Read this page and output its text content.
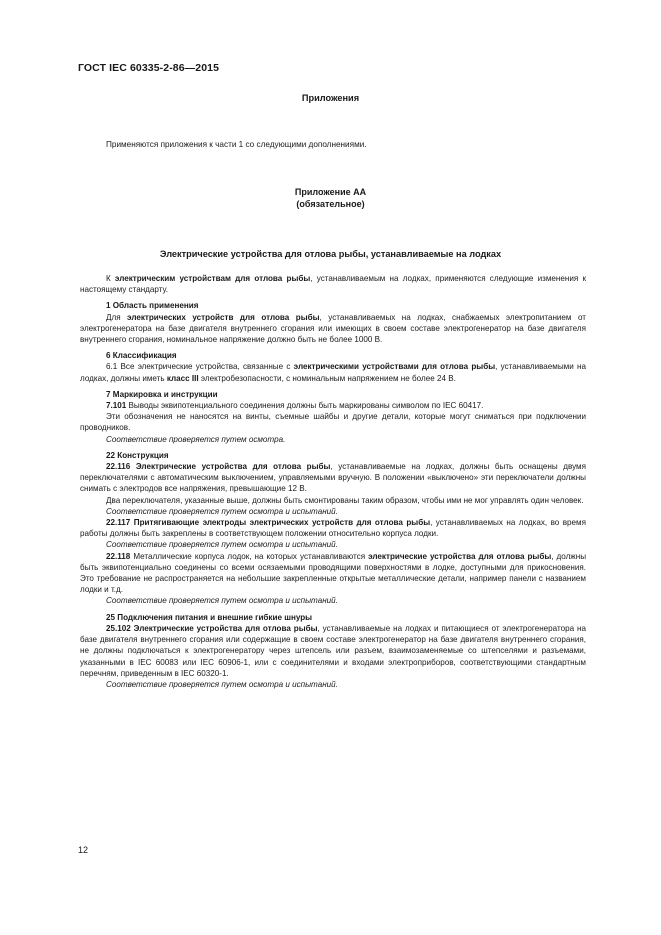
ГОСТ IEC 60335-2-86—2015
Приложения
Применяются приложения к части 1 со следующими дополнениями.
Приложение АА
(обязательное)
Электрические устройства для отлова рыбы, устанавливаемые на лодках

К электрическим устройствам для отлова рыбы, устанавливаемым на лодках, применяются следующие изменения к настоящему стандарту.

1 Область применения

Для электрических устройств для отлова рыбы, устанавливаемых на лодках, снабжаемых электропитанием от электрогенератора на базе двигателя внутреннего сгорания или имеющих в своем составе электрогенератор на базе двигателя внутреннего сгорания, номинальное напряжение должно быть не более 1000 В.

6 Классификация

6.1 Все электрические устройства, связанные с электрическими устройствами для отлова рыбы, устанавливаемыми на лодках, должны иметь класс III электробезопасности, с номинальным напряжением не более 24 В.

7 Маркировка и инструкции

7.101 Выводы эквипотенциального соединения должны быть маркированы символом по IEC 60417.

Эти обозначения не наносятся на винты, съемные шайбы и другие детали, которые могут сниматься при подключении проводников.

Соответствие проверяется путем осмотра.

22 Конструкция

22.116 Электрические устройства для отлова рыбы, устанавливаемые на лодках, должны быть оснащены двумя переключателями с автоматическим выключением, управляемыми вручную. В положении «выключено» эти переключатели должны снимать с электродов все напряжения, превышающие 12 В.

Два переключателя, указанные выше, должны быть смонтированы таким образом, чтобы ими не мог управлять один человек.

Соответствие проверяется путем осмотра и испытаний.

22.117 Притягивающие электроды электрических устройств для отлова рыбы, устанавливаемых на лодках, во время работы должны быть закреплены в соответствующем положении относительно корпуса лодки.

Соответствие проверяется путем осмотра и испытаний.

22.118 Металлические корпуса лодок, на которых устанавливаются электрические устройства для отлова рыбы, должны быть эквипотенциально соединены со всеми осязаемыми проводящими поверхностями в лодке, доступными для прикосновения. Это требование не распространяется на небольшие закрепленные открытые металлические детали, например панели с названием лодки и т.д.

Соответствие проверяется путем осмотра и испытаний.

25 Подключения питания и внешние гибкие шнуры

25.102 Электрические устройства для отлова рыбы, устанавливаемые на лодках и питающиеся от электрогенератора на базе двигателя внутреннего сгорания или содержащие в своем составе электрогенератор на базе двигателя внутреннего сгорания, не должны подключаться к электрогенератору через штепсель или разъем, взаимозаменяемые со штепселями и разъемами, указанными в IEC 60083 или IEC 60906-1, или с соединителями и входами электроприборов, соответствующими стандартным перечням, приведенным в IEC 60320-1.

Соответствие проверяется путем осмотра и испытаний.

12
